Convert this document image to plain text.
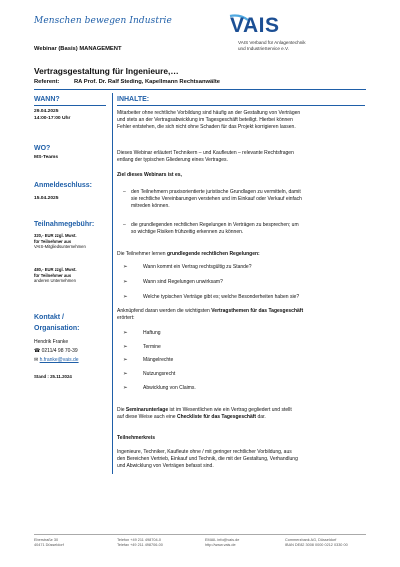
Menschen bewegen Industrie	VAIS
VAIS Verband für Anlagentechnik
und IndustrieService e.V.
Webinar (Basis) MANAGEMENT
Vertragsgestaltung für Ingenieure,…
Referent:	RA Prof. Dr. Ralf Steding, Kapellmann Rechtsanwälte
WANN?
29.04.2025
14:00-17:00 Uhr
WO?
MS-Teams
Anmeldeschluss:
15.04.2025
Teilnahmegebühr:
320,- EUR zzgl. Mwst.
für Teilnehmer aus
VAIS-Mitgliedsunternehmen
480,- EUR zzgl. Mwst.
für Teilnehmer aus
anderen Unternehmen
Kontakt /
Organisation:
Hendrik Franke
☎ 0211/4 98 70-39
✉ h.franke@vais.de
Stand : 25.11.2024
INHALTE:
Mitarbeiter ohne rechtliche Vorbildung sind häufig an der Gestaltung von Verträgen
und stets an der Vertragsabwicklung im Tagesgeschäft beteiligt. Hierbei können
Fehler entstehen, die sich nicht ohne Schaden für das Projekt korrigieren lassen.
Dieses Webinar erläutert Technikern – und Kaufleuten – relevante Rechtsfragen
entlang der typischen Gliederung eines Vertrages.
Ziel dieses Webinars ist es,
– den Teilnehmern praxisorientierte juristische Grundlagen zu vermitteln, damit
sie rechtliche Vereinbarungen verstehen und im Einkauf oder Verkauf einfach
mitreden können.
– die grundlegenden rechtlichen Regelungen in Verträgen zu besprechen; um
so wichtige Risiken frühzeitig erkennen zu können.
Die Teilnehmer lernen grundlegende rechtlichen Regelungen:
➢	Wann kommt ein Vertrag rechtsgültig zu Stande?
➢	Wann sind Regelungen unwirksam?
➢	Welche typischen Verträge gibt es; welche Besonderheiten haben sie?
Anknüpfend daran werden die wichtigsten Vertragsthemen für das Tagesgeschäft
erörtert:
➢	Haftung
➢	Termine
➢	Mängelrechte
➢	Nutzungsrecht
➢	Abwicklung von Claims.
Die Seminarunterlage ist im Wesentlichen wie ein Vertrag gegliedert und stellt
auf diese Weise auch eine Checkliste für das Tagesgeschäft dar.
Teilnehmerkreis
Ingenieure, Techniker, Kaufleute ohne / mit geringer rechtlicher Vorbildung, aus
den Bereichen Vertrieb, Einkauf und Technik, die mit der Gestaltung, Verhandlung
und Abwicklung von Verträgen befasst sind.
Eberstraße 30
40471 Düsseldorf
Telefon +49 211 498704-0
Telefax +49 211 498706-00
EMAIL info@vais.de
http://www.vais.de
Commerzbank AG, Düsseldorf
IBAN DE82 3008 0000 0212 0330 00
